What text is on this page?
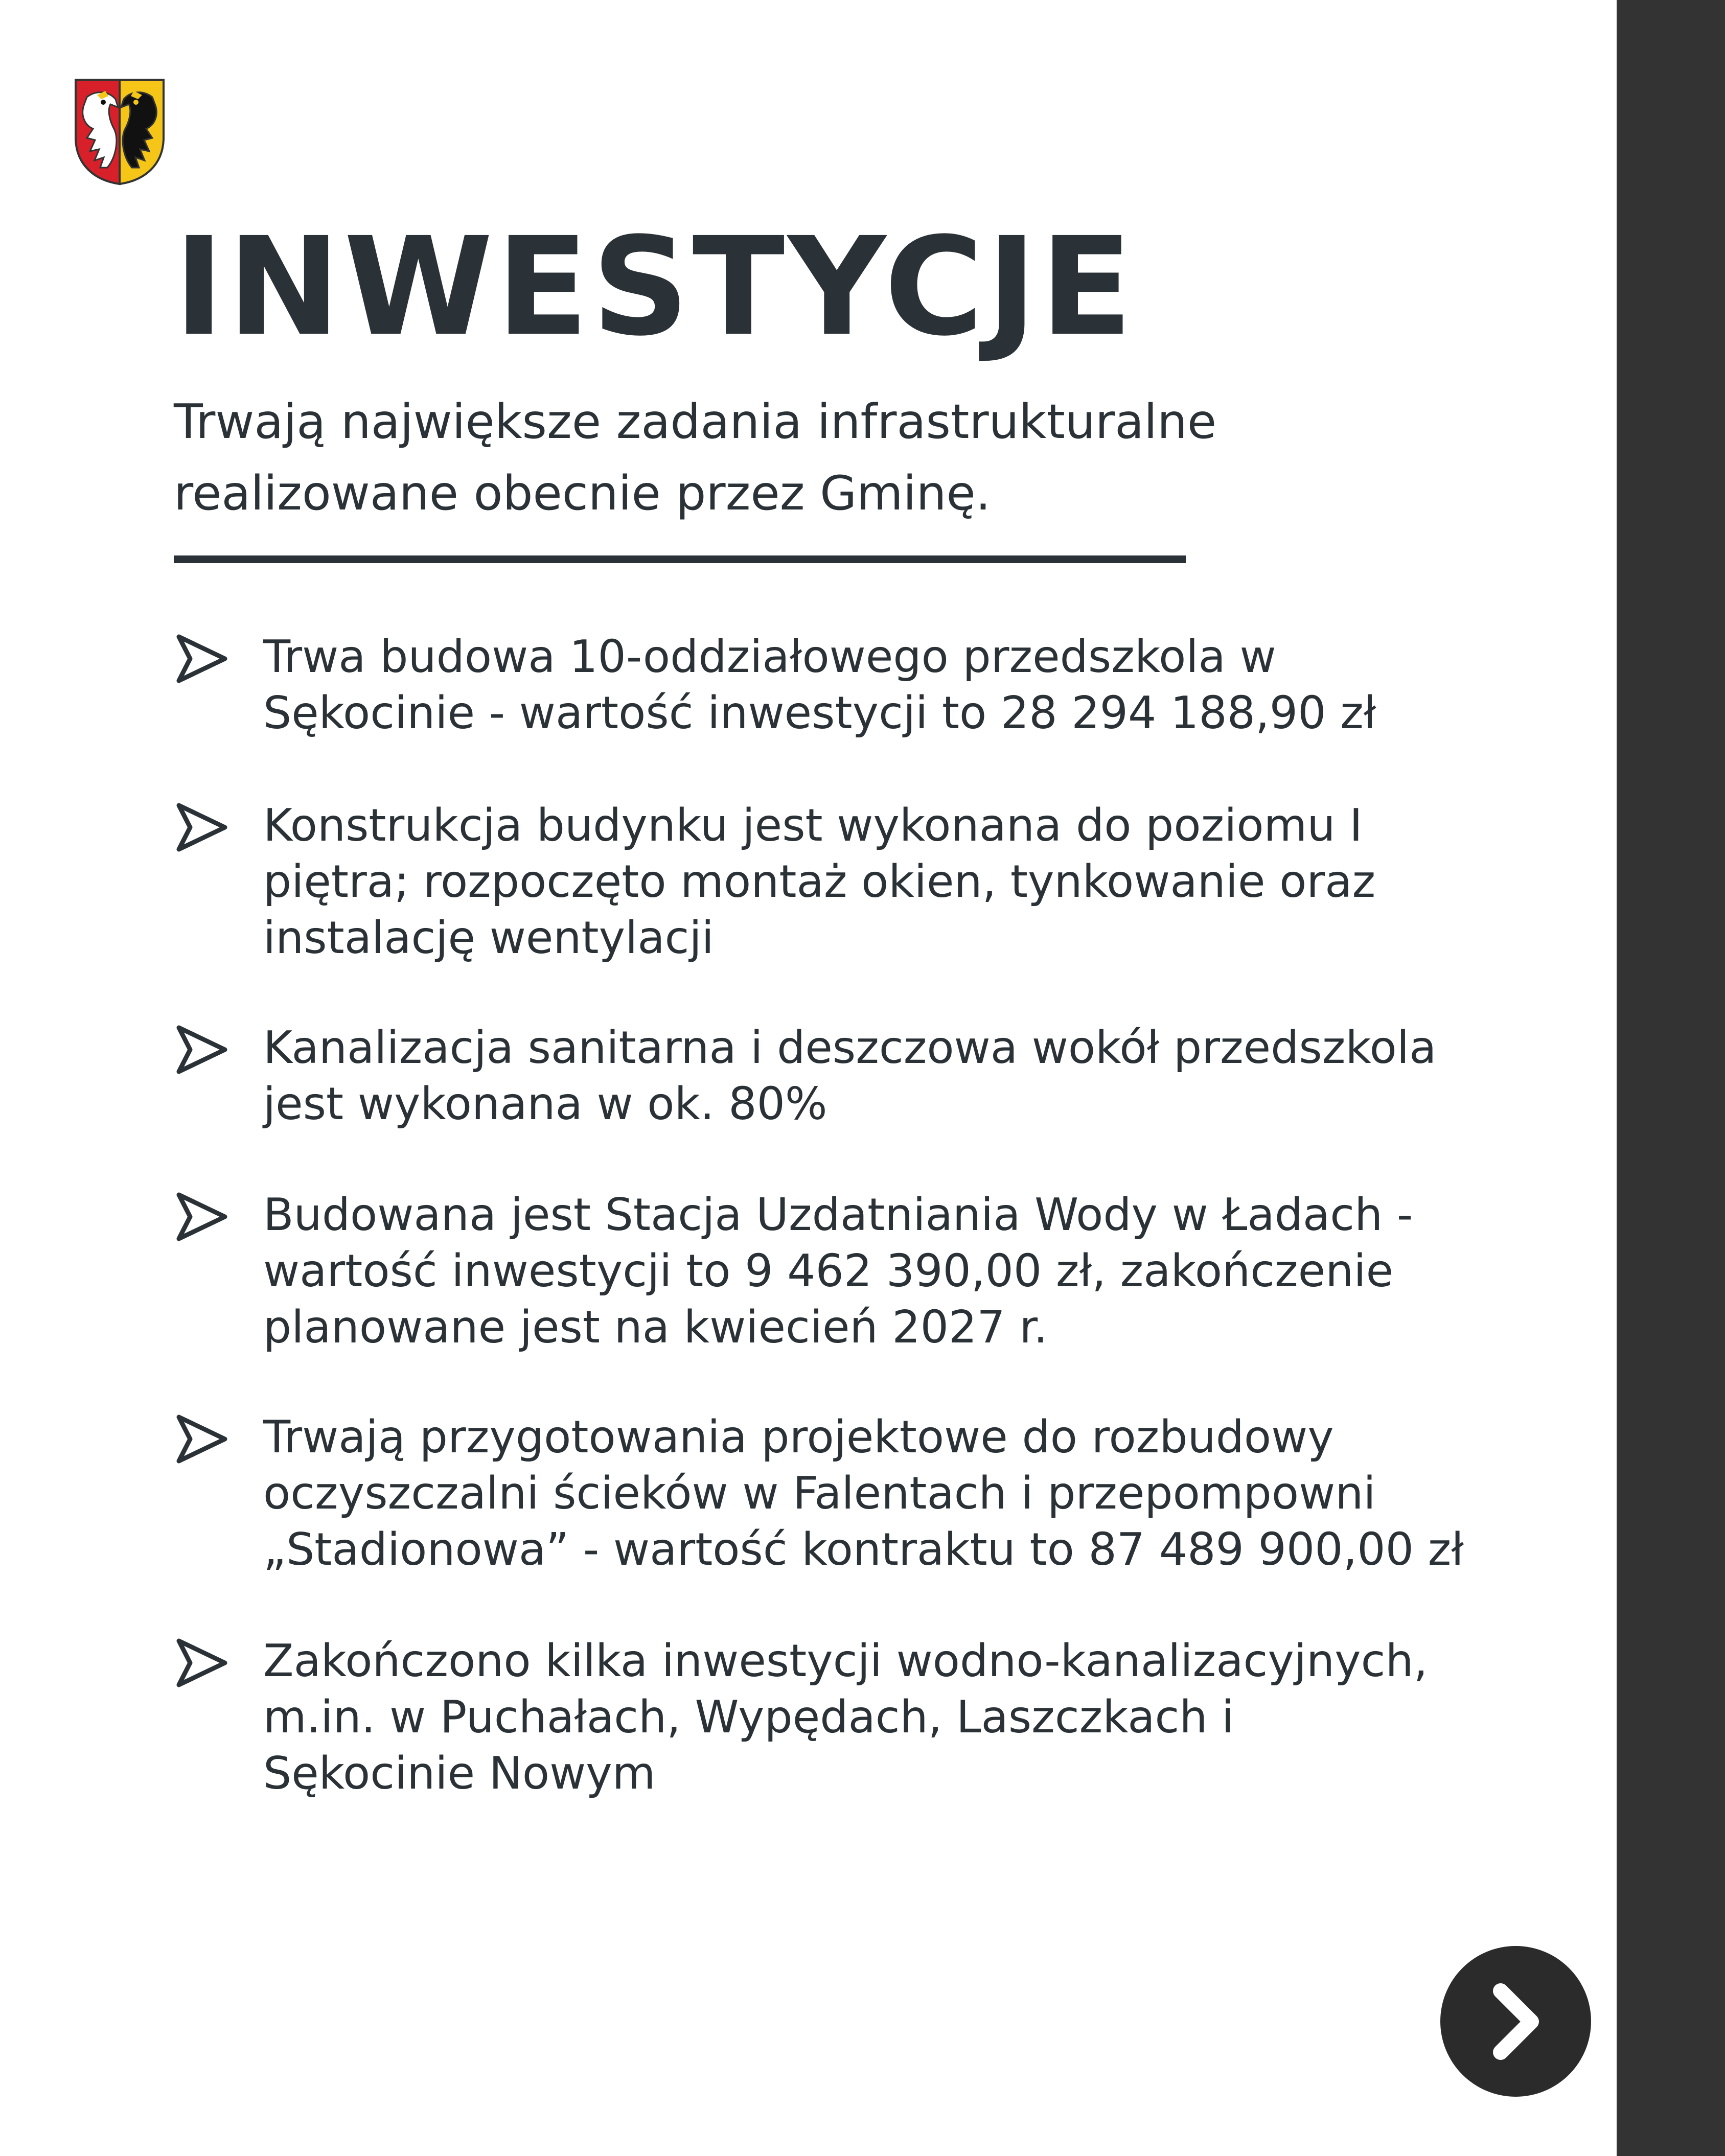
INWESTYCJE

Trwają największe zadania infrastrukturalne
realizowane obecnie przez Gminę.

Trwa budowa 10-oddziałowego przedszkola w
Sękocinie - wartość inwestycji to 28 294 188,90 zł
Konstrukcja budynku jest wykonana do poziomu I
piętra; rozpoczęto montaż okien, tynkowanie oraz
instalację wentylacji
Kanalizacja sanitarna i deszczowa wokół przedszkola
jest wykonana w ok. 80%
Budowana jest Stacja Uzdatniania Wody w Ładach -
wartość inwestycji to 9 462 390,00 zł, zakończenie
planowane jest na kwiecień 2027 r.
Trwają przygotowania projektowe do rozbudowy
oczyszczalni ścieków w Falentach i przepompowni
„Stadionowa” - wartość kontraktu to 87 489 900,00 zł
Zakończono kilka inwestycji wodno-kanalizacyjnych,
m.in. w Puchałach, Wypędach, Laszczkach i
Sękocinie Nowym
